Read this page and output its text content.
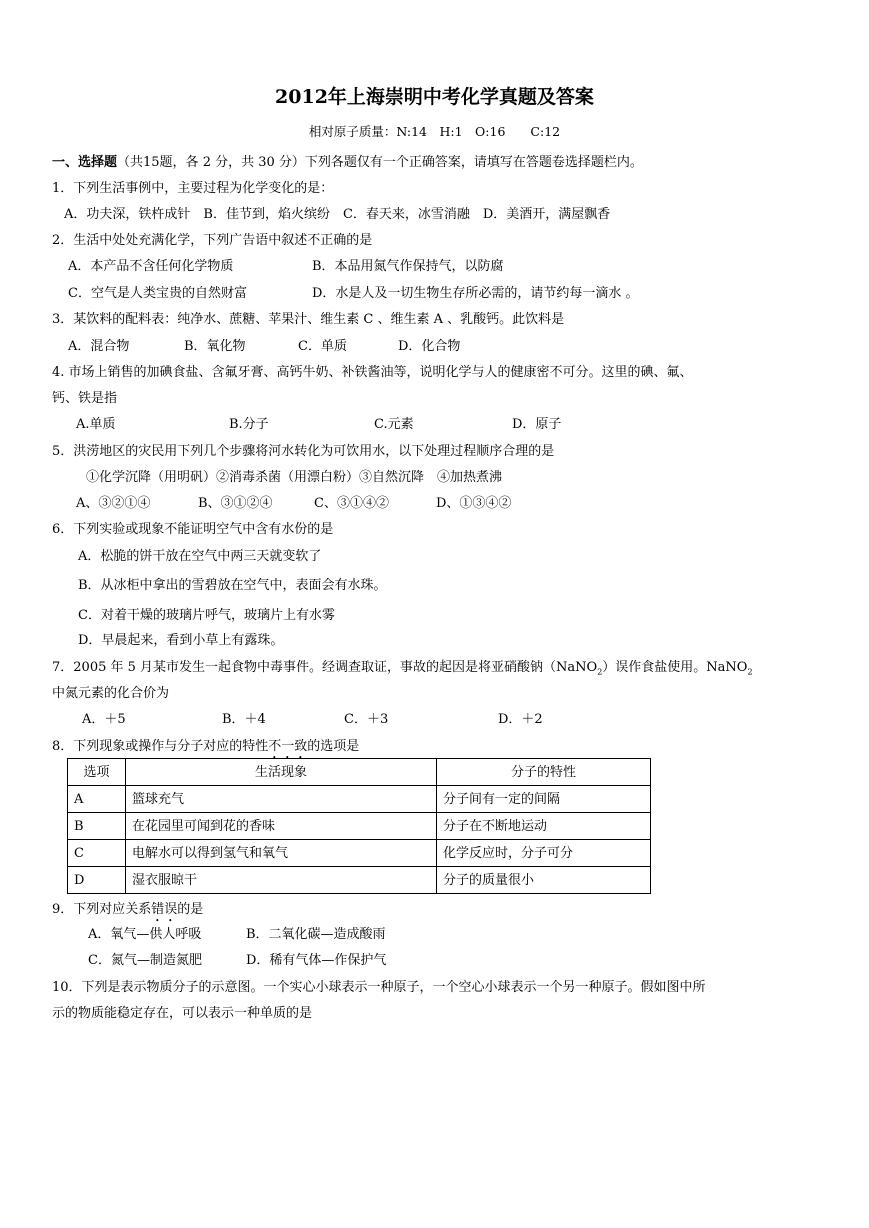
2012年上海崇明中考化学真题及答案
相对原子质量：N:14　H:1　O:16　　C:12
一、选择题（共15题，各 2 分，共 30 分）下列各题仅有一个正确答案，请填写在答题卷选择题栏内。
1．下列生活事例中，主要过程为化学变化的是：
A．功夫深，铁杵成针　B．佳节到，焰火缤纷　C．春天来，冰雪消融　D．美酒开，满屋飘香
2．生活中处处充满化学，下列广告语中叙述不正确的是
A．本产品不含任何化学物质	B．本品用氮气作保持气，以防腐
C．空气是人类宝贵的自然财富	D．水是人及一切生物生存所必需的，请节约每一滴水 。
3．某饮料的配料表：纯净水、蔗糖、苹果汁、维生素 C 、维生素 A 、乳酸钙。此饮料是
A．混合物	B．氧化物	C．单质	D．化合物
4. 市场上销售的加碘食盐、含氟牙膏、高钙牛奶、补铁酱油等，说明化学与人的健康密不可分。这里的碘、氟、
钙、铁是指
A.单质	B.分子	C.元素	D．原子
5．洪涝地区的灾民用下列几个步骤将河水转化为可饮用水，以下处理过程顺序合理的是
①化学沉降（用明矾）②消毒杀菌（用漂白粉）③自然沉降　④加热煮沸
A、③②①④	B、③①②④	C、③①④②	D、①③④②
6．下列实验或现象不能证明空气中含有水份的是
A．松脆的饼干放在空气中两三天就变软了
B．从冰柜中拿出的雪碧放在空气中，表面会有水珠。
C．对着干燥的玻璃片呼气，玻璃片上有水雾
D．早晨起来，看到小草上有露珠。
7．2005 年 5 月某市发生一起食物中毒事件。经调查取证，事故的起因是将亚硝酸钠（NaNO$_2$）误作食盐使用。NaNO$_2$
中氮元素的化合价为
A．＋5	B．＋4	C．＋3	D．＋2
8．下列现象或操作与分子对应的特性不一致的选项是
选项	生活现象	分子的特性
A	篮球充气	分子间有一定的间隔
B	在花园里可闻到花的香味	分子在不断地运动
C	电解水可以得到氢气和氧气	化学反应时，分子可分
D	湿衣服晾干	分子的质量很小
9．下列对应关系错误的是
A．氧气—供人呼吸	B．二氧化碳—造成酸雨
C．氮气—制造氮肥	D．稀有气体—作保护气
10．下列是表示物质分子的示意图。一个实心小球表示一种原子，一个空心小球表示一个另一种原子。假如图中所
示的物质能稳定存在，可以表示一种单质的是
